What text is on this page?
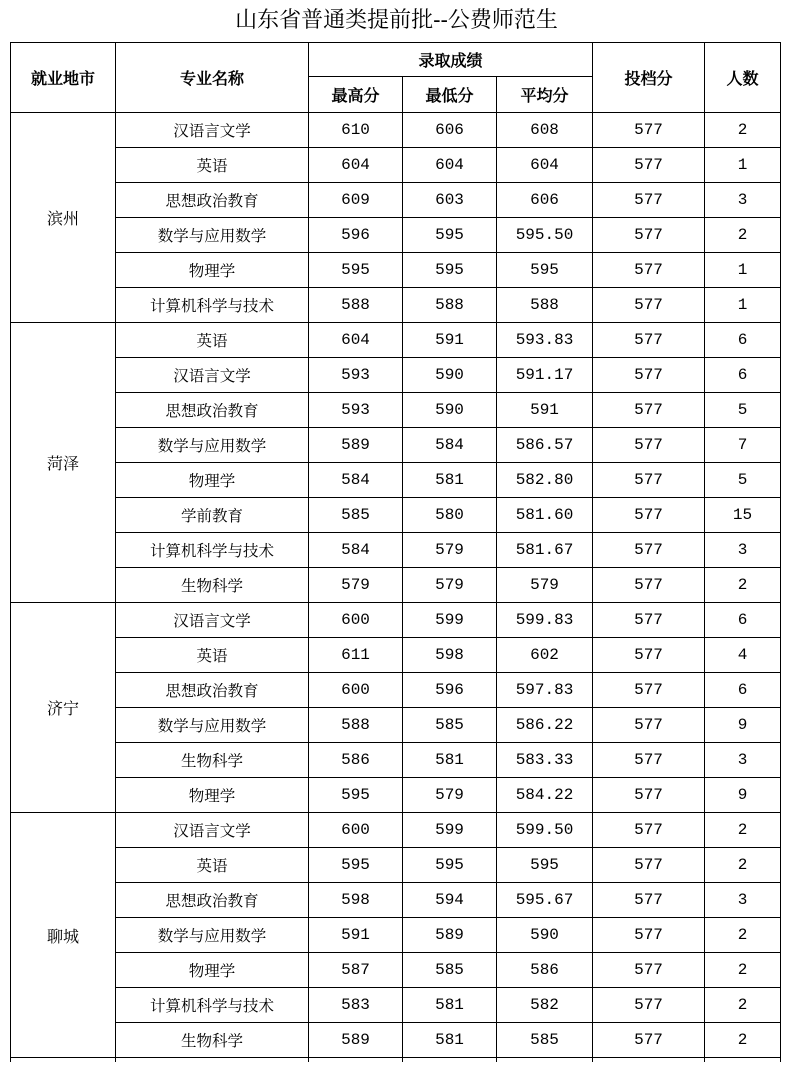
山东省普通类提前批--公费师范生
就业地市	专业名称	录取成绩			投档分	人数
		最高分	最低分	平均分		
滨州	汉语言文学	610	606	608	577	2
	英语	604	604	604	577	1
	思想政治教育	609	603	606	577	3
	数学与应用数学	596	595	595.50	577	2
	物理学	595	595	595	577	1
	计算机科学与技术	588	588	588	577	1
菏泽	英语	604	591	593.83	577	6
	汉语言文学	593	590	591.17	577	6
	思想政治教育	593	590	591	577	5
	数学与应用数学	589	584	586.57	577	7
	物理学	584	581	582.80	577	5
	学前教育	585	580	581.60	577	15
	计算机科学与技术	584	579	581.67	577	3
	生物科学	579	579	579	577	2
济宁	汉语言文学	600	599	599.83	577	6
	英语	611	598	602	577	4
	思想政治教育	600	596	597.83	577	6
	数学与应用数学	588	585	586.22	577	9
	生物科学	586	581	583.33	577	3
	物理学	595	579	584.22	577	9
聊城	汉语言文学	600	599	599.50	577	2
	英语	595	595	595	577	2
	思想政治教育	598	594	595.67	577	3
	数学与应用数学	591	589	590	577	2
	物理学	587	585	586	577	2
	计算机科学与技术	583	581	582	577	2
	生物科学	589	581	585	577	2
